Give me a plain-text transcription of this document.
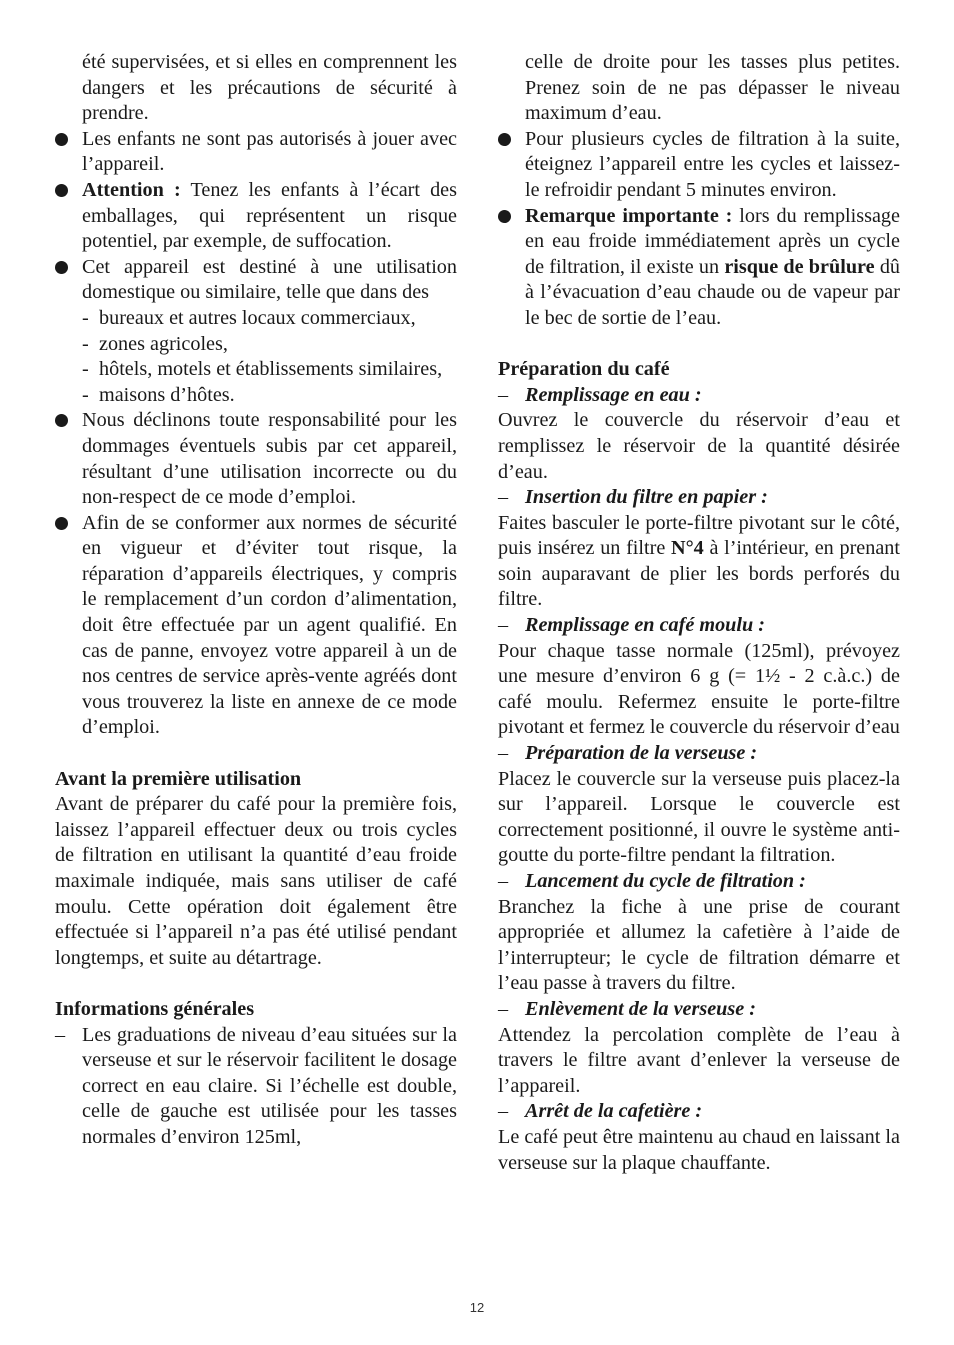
été supervisées, et si elles en comprennent les dangers et les précautions de sécurité à prendre.

Les enfants ne sont pas autorisés à jouer avec l’appareil.
Attention : Tenez les enfants à l’écart des emballages, qui représentent un risque potentiel, par exemple, de suffocation.
Cet appareil est destiné à une utilisation domestique ou similaire, telle que dans des
- bureaux et autres locaux commerciaux,
- zones agricoles,
- hôtels, motels et établissements similaires,
- maisons d’hôtes.
Nous déclinons toute responsabilité pour les dommages éventuels subis par cet appareil, résultant d’une utilisation incorrecte ou du non-respect de ce mode d’emploi.
Afin de se conformer aux normes de sécurité en vigueur et d’éviter tout risque, la réparation d’appareils électriques, y compris le remplacement d’un cordon d’alimentation, doit être effectuée par un agent qualifié. En cas de panne, envoyez votre appareil à un de nos centres de service après-vente agréés dont vous trouverez la liste en annexe de ce mode d’emploi.

Avant la première utilisation

Avant de préparer du café pour la première fois, laissez l’appareil effectuer deux ou trois cycles de filtration en utilisant la quantité d’eau froide maximale indiquée, mais sans utiliser de café moulu. Cette opération doit également être effectuée si l’appareil n’a pas été utilisé pendant longtemps, et suite au détartrage.

Informations générales

– Les graduations de niveau d’eau situées sur la verseuse et sur le réservoir facilitent le dosage correct en eau claire. Si l’échelle est double, celle de gauche est utilisée pour les tasses normales d’environ 125ml,

celle de droite pour les tasses plus petites. Prenez soin de ne pas dépasser le niveau maximum d’eau.

Pour plusieurs cycles de filtration à la suite, éteignez l’appareil entre les cycles et laissez-le refroidir pendant 5 minutes environ.
Remarque importante : lors du remplissage en eau froide immédiatement après un cycle de filtration, il existe un risque de brûlure dû à l’évacuation d’eau chaude ou de vapeur par le bec de sortie de l’eau.

Préparation du café

– Remplissage en eau :

Ouvrez le couvercle du réservoir d’eau et remplissez le réservoir de la quantité désirée d’eau.

– Insertion du filtre en papier :

Faites basculer le porte-filtre pivotant sur le côté, puis insérez un filtre N°4 à l’intérieur, en prenant soin auparavant de plier les bords perforés du filtre.

– Remplissage en café moulu :

Pour chaque tasse normale (125ml), prévoyez une mesure d’environ 6 g (= 1½ - 2 c.à.c.) de café moulu. Refermez ensuite le porte-filtre pivotant et fermez le couvercle du réservoir d’eau

– Préparation de la verseuse :

Placez le couvercle sur la verseuse puis placez-la sur l’appareil. Lorsque le couvercle est correctement positionné, il ouvre le système anti-goutte du porte-filtre pendant la filtration.

– Lancement du cycle de filtration :

Branchez la fiche à une prise de courant appropriée et allumez la cafetière à l’aide de l’interrupteur; le cycle de filtration démarre et l’eau passe à travers du filtre.

– Enlèvement de la verseuse :

Attendez la percolation complète de l’eau à travers le filtre avant d’enlever la verseuse de l’appareil.

– Arrêt de la cafetière :

Le café peut être maintenu au chaud en laissant la verseuse sur la plaque chauffante.

12
